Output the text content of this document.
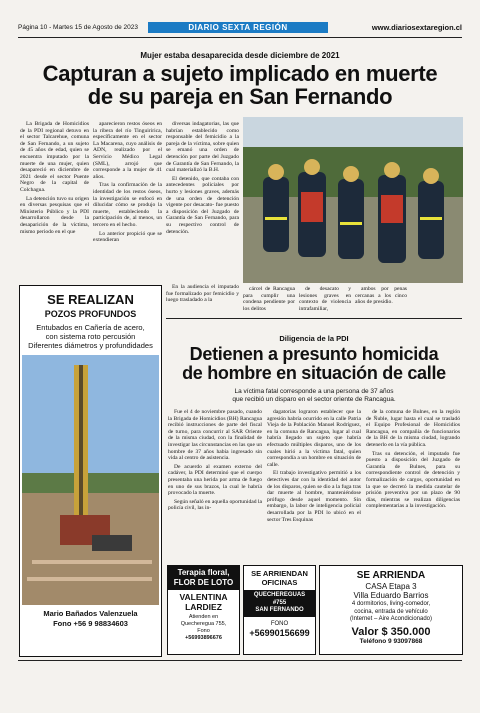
Página 10 - Martes 15 de Agosto de 2023	DIARIO SEXTA REGIÓN	www.diariosextaregion.cl
Mujer estaba desaparecida desde diciembre de 2021
Capturan a sujeto implicado en muerte
de su pareja en San Fernando

La Brigada de Homicidios de la PDI regional detuvo en el sector Talcarehue, comuna de San Fernando, a un sujeto de 45 años de edad, quien se encuentra imputado por la muerte de una mujer, quien desapareció en diciembre de 2021 desde el sector Puente Negro de la capital de Colchagua.

La detención tuvo su origen en diversas pesquisas que el Ministerio Público y la PDI desarrollaron desde la desaparición de la víctima, mismo periodo en el que

aparecieron restos óseos en la ribera del río Tinguiririca, específicamente en el sector La Macarena, cuyo análisis de ADN, realizado por el Servicio Médico Legal (SML), arrojó que corresponde a la mujer de 41 años.

Tras la confirmación de la identidad de los restos óseos, la investigación se enfocó en dilucidar cómo se produjo la muerte, estableciendo la participación de, al menos, un tercero en el hecho.

Lo anterior propició que se extendieran

diversas indagatorias, las que habrían establecido como responsable del femicidio a la pareja de la víctima, sobre quien se emanó una orden de detención por parte del Juzgado de Garantía de San Fernando, la cual materializó la B.H.

El detenido, que contaba con antecedentes policiales por hurto y lesiones graves, además de una orden de detención vigente por desacato- fue puesto a disposición del Juzgado de Garantía de San Fernando, para su respectivo control de detención.

En la audiencia el imputado fue formalizado por femicidio y luego trasladado a la

cárcel de Rancagua para cumplir una condena pendiente por los delitos

de desacato y lesiones graves en contexto de violencia intrafamiliar,

ambos por penas cercanas a los cinco años de presidio.

SE REALIZAN
POZOS PROFUNDOS
Entubados en Cañería de acero,
con sistema roto percusión
Diferentes diámetros y profundidades
Mario Bañados Valenzuela
Fono +56 9 98834603
Diligencia de la PDI
Detienen a presunto homicida
de hombre en situación de calle
La víctima fatal corresponde a una persona de 37 años
que recibió un disparo en el sector oriente de Rancagua.

Fue el 4 de noviembre pasado, cuando la Brigada de Homicidios (BH) Rancagua recibió instrucciones de parte del fiscal de turno, para concurrir al SAR Oriente de la misma ciudad, con la finalidad de investigar las circunstancias en las que un hombre de 37 años había ingresado sin vida al centro de asistencia.

De acuerdo al examen externo del cadáver, la PDI determinó que el cuerpo presentaba una herida por arma de fuego en uno de sus brazos, la cual le habría provocado la muerte.

Según señaló en aquella oportunidad la policía civil, las in-

dagatorias lograron establecer que la agresión habría ocurrido en la calle Patria Vieja de la Población Manuel Rodríguez, en la comuna de Rancagua, lugar al cual habría llegado un sujeto que habría efectuado múltiples disparos, uno de los cuales hirió a la víctima fatal, quien correspondía a un hombre en situación de calle.

El trabajo investigativo permitió a los detectives dar con la identidad del autor de los disparos, quien se dio a la fuga tras dar muerte al hombre, manteniéndose prófugo desde aquel momento. Sin embargo, la labor de inteligencia policial desarrollada por la PDI lo ubicó en el sector Tres Esquinas

de la comuna de Bulnes, en la región de Ñuble, lugar hasta el cual se trasladó el Equipo Profesional de Homicidios Rancagua, en compañía de funcionarios de la BH de la misma ciudad, logrando detenerlo en la vía pública.

Tras su detención, el imputado fue puesto a disposición del Juzgado de Garantía de Bulnes, para su correspondiente control de detención y formalización de cargos, oportunidad en la que se decretó la medida cautelar de prisión preventiva por un plazo de 90 días, mientras se realizan diligencias complementarias a la investigación.

Terapia floral,
FLOR DE LOTO
VALENTINA
LARDIEZ
Atienden en
Quecheregua 755,
Fono
+56993896676
SE ARRIENDAN
OFICINAS
QUECHEREGUAS
#755
SAN FERNANDO
FONO
+56990156699
SE ARRIENDA
CASA Etapa 3
Villa Eduardo Barrios
4 dormitorios, living-comedor,
cocina, entrada de vehículo
(Internet – Aire Acondicionado)
Valor $ 350.000
Teléfono 9 93097868
